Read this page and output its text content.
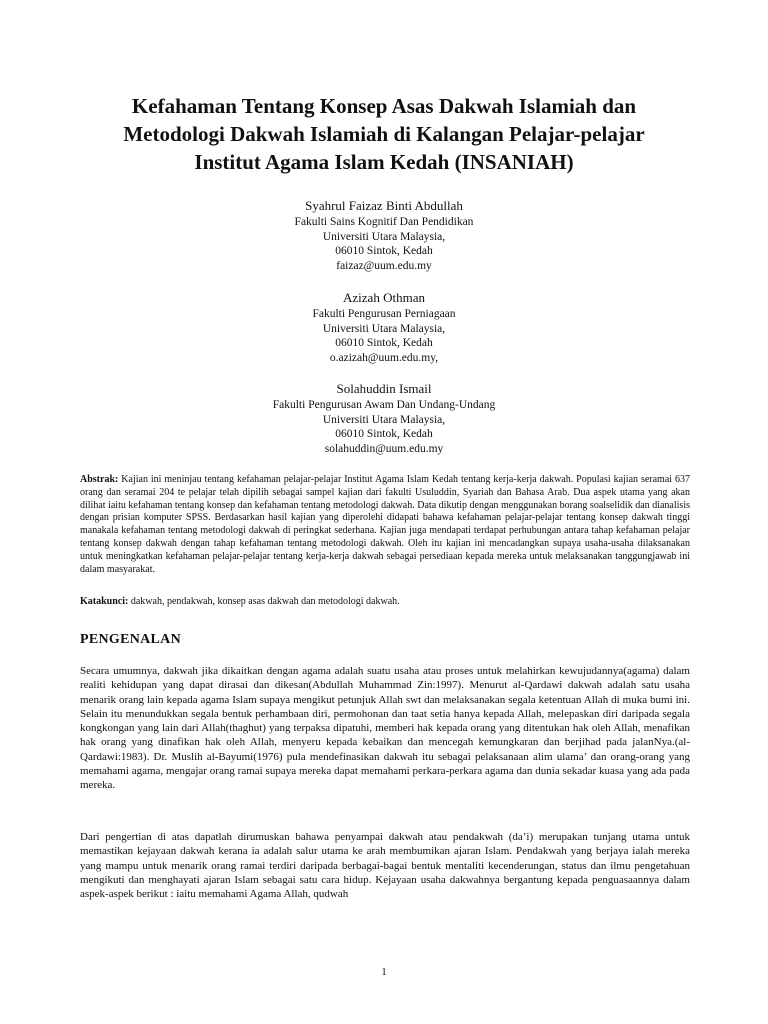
Kefahaman Tentang Konsep Asas Dakwah Islamiah dan
Metodologi Dakwah Islamiah di Kalangan Pelajar-pelajar
Institut Agama Islam Kedah (INSANIAH)
Syahrul Faizaz Binti Abdullah
Fakulti Sains Kognitif Dan Pendidikan
Universiti Utara Malaysia,
06010 Sintok, Kedah
faizaz@uum.edu.my
Azizah Othman
Fakulti Pengurusan Perniagaan
Universiti Utara Malaysia,
06010 Sintok, Kedah
o.azizah@uum.edu.my,
Solahuddin Ismail
Fakulti Pengurusan Awam Dan Undang-Undang
Universiti Utara Malaysia,
06010 Sintok, Kedah
solahuddin@uum.edu.my

Abstrak: Kajian ini meninjau tentang kefahaman pelajar-pelajar Institut Agama Islam Kedah tentang kerja-kerja dakwah. Populasi kajian seramai 637 orang dan seramai 204 te pelajar telah dipilih sebagai sampel kajian dari fakulti Usuluddin, Syariah dan Bahasa Arab. Dua aspek utama yang akan dilihat iaitu kefahaman tentang konsep dan kefahaman tentang metodologi dakwah. Data dikutip dengan menggunakan borang soalselidik dan dianalisis dengan prisian komputer SPSS. Berdasarkan hasil kajian yang diperolehi didapati bahawa kefahaman pelajar-pelajar tentang konsep dakwah tinggi manakala kefahaman tentang metodologi dakwah di peringkat sederhana. Kajian juga mendapati terdapat perhubungan antara tahap kefahaman pelajar tentang konsep dakwah dengan tahap kefahaman tentang metodologi dakwah. Oleh itu kajian ini mencadangkan supaya usaha-usaha dilaksanakan untuk meningkatkan kefahaman pelajar-pelajar tentang kerja-kerja dakwah sebagai persediaan kepada mereka untuk melaksanakan tanggungjawab ini dalam masyarakat.

Katakunci: dakwah, pendakwah, konsep asas dakwah dan metodologi dakwah.

PENGENALAN

Secara umumnya, dakwah jika dikaitkan dengan agama adalah suatu usaha atau proses untuk melahirkan kewujudannya(agama) dalam realiti kehidupan yang dapat dirasai dan dikesan(Abdullah Muhammad Zin:1997). Menurut al-Qardawi dakwah adalah satu usaha menarik orang lain kepada agama Islam supaya mengikut petunjuk Allah swt dan melaksanakan segala ketentuan Allah di muka bumi ini. Selain itu menundukkan segala bentuk perhambaan diri, permohonan dan taat setia hanya kepada Allah, melepaskan diri daripada segala kongkongan yang lain dari Allah(thaghut) yang terpaksa dipatuhi, memberi hak kepada orang yang ditentukan hak oleh Allah, menafikan hak orang yang dinafikan hak oleh Allah, menyeru kepada kebaikan dan mencegah kemungkaran dan berjihad pada jalanNya.(al-Qardawi:1983). Dr. Muslih al-Bayumi(1976) pula mendefinasikan dakwah itu sebagai pelaksanaan alim ulama’ dan orang-orang yang memahami agama, mengajar orang ramai supaya mereka dapat memahami perkara-perkara agama dan dunia sekadar kuasa yang ada pada mereka.

Dari pengertian di atas dapatlah dirumuskan bahawa penyampai dakwah atau pendakwah (da’i) merupakan tunjang utama untuk memastikan kejayaan dakwah kerana ia adalah salur utama ke arah membumikan ajaran Islam. Pendakwah yang berjaya ialah mereka yang mampu untuk menarik orang ramai terdiri daripada berbagai-bagai bentuk mentaliti kecenderungan, status dan ilmu pengetahuan mengikuti dan menghayati ajaran Islam sebagai satu cara hidup. Kejayaan usaha dakwahnya bergantung kepada penguasaannya dalam aspek-aspek berikut : iaitu memahami Agama Allah, qudwah

1
